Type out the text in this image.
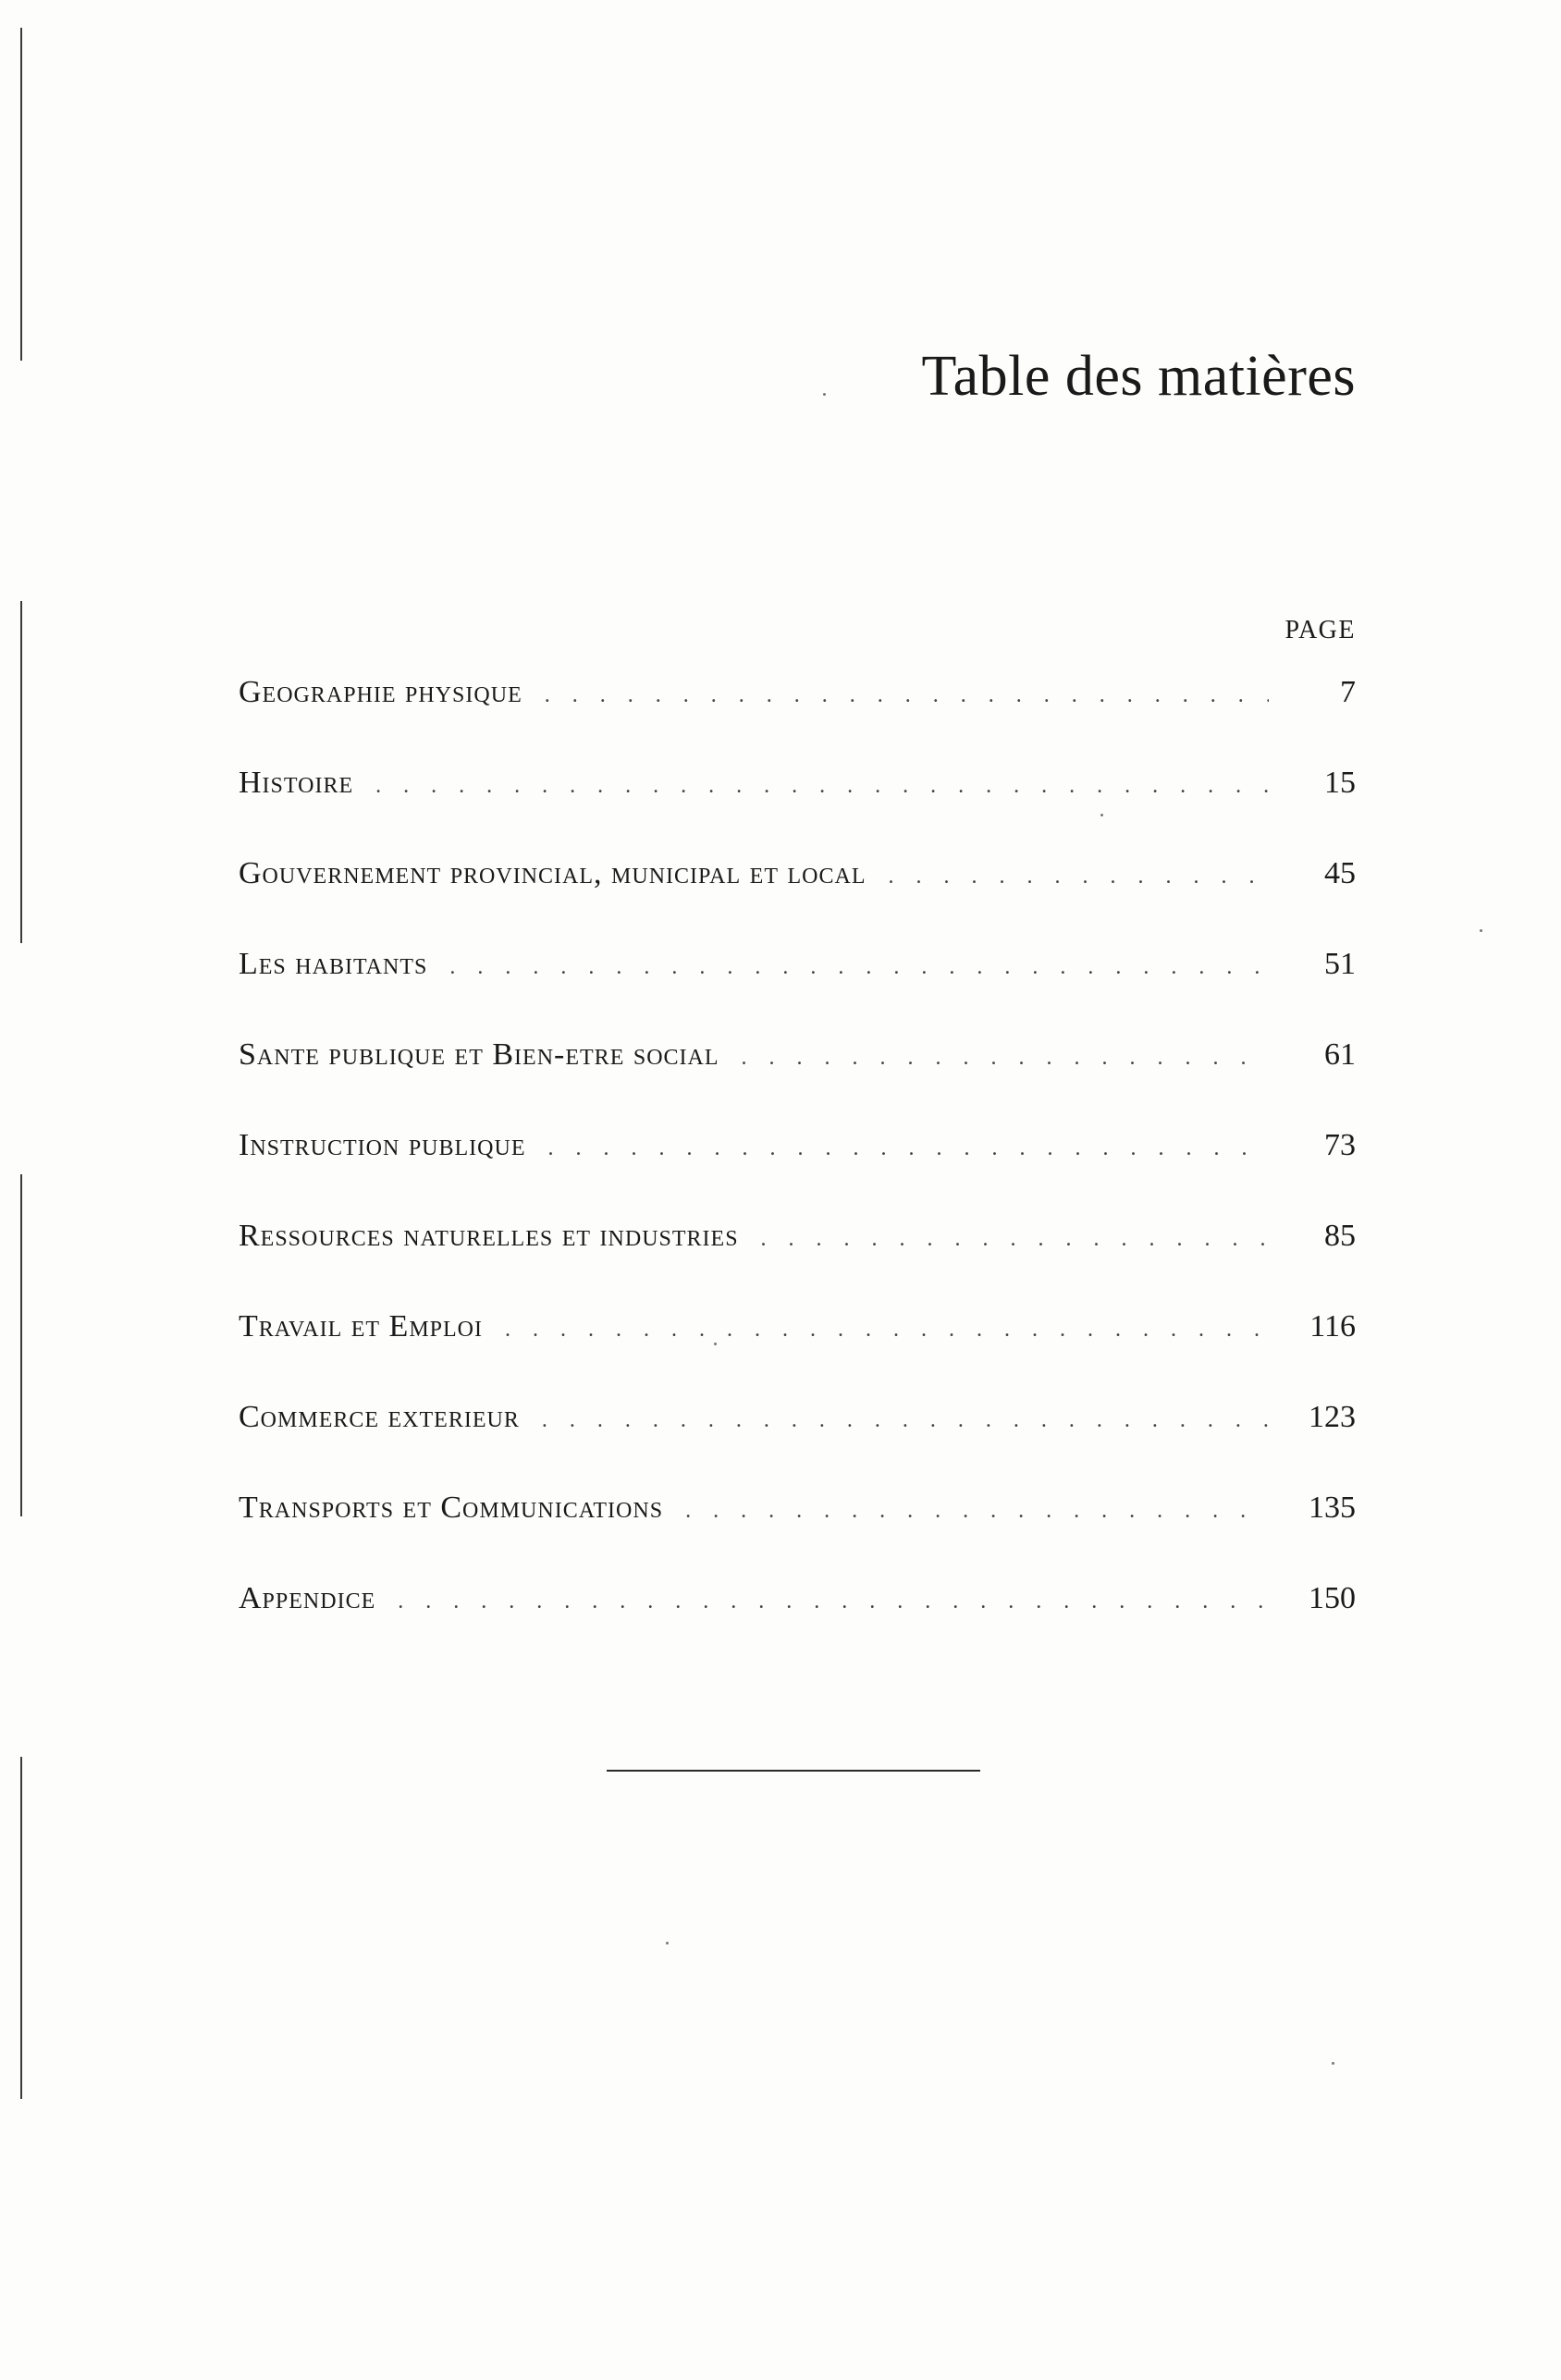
Table des matières
PAGE
Geographie physique . . .	7
Histoire . . .	15
Gouvernement provincial, municipal et local . . .	45
Les habitants . . .	51
Sante publique et Bien-etre social . . .	61
Instruction publique . . .	73
Ressources naturelles et industries . . .	85
Travail et Emploi . . .	116
Commerce exterieur . . .	123
Transports et Communications . . .	135
Appendice . . .	150
